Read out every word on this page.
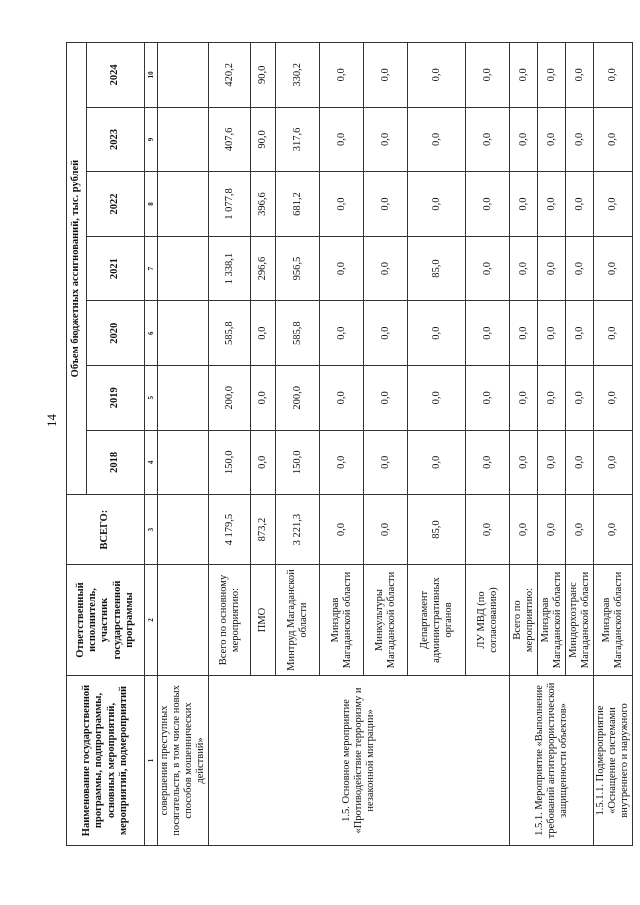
14
Наименование государственной программы, подпрограммы, основных мероприятий, мероприятий, подмероприятий	Ответственный исполнитель, участник государственной программы	ВСЕГО:	Объем бюджетных ассигнований, тыс. рублей						
			2018	2019	2020	2021	2022	2023	2024
1	2	3	4	5	6	7	8	9	10
совершения преступных посягательств, в том числе новых способов мошеннических действий»									
1.5. Основное мероприятие «Противодействие терроризму и незаконной миграции»	Всего по основному мероприятию:	4 179,5	150,0	200,0	585,8	1 338,1	1 077,8	407,6	420,2
	ПМО	873,2	0,0	0,0	0,0	296,6	396,6	90,0	90,0
	Минтруд Магаданской области	3 221,3	150,0	200,0	585,8	956,5	681,2	317,6	330,2
	Минздрав Магаданской области	0,0	0,0	0,0	0,0	0,0	0,0	0,0	0,0
	Минкультуры Магаданской области	0,0	0,0	0,0	0,0	0,0	0,0	0,0	0,0
	Департамент административных органов	85,0	0,0	0,0	0,0	85,0	0,0	0,0	0,0
	ЛУ МВД (по согласованию)	0,0	0,0	0,0	0,0	0,0	0,0	0,0	0,0
1.5.1. Мероприятие «Выполнение требований антитеррористической защищенности объектов»	Всего по мероприятию:	0,0	0,0	0,0	0,0	0,0	0,0	0,0	0,0
	Минздрав Магаданской области	0,0	0,0	0,0	0,0	0,0	0,0	0,0	0,0
	Миндорхозтранс Магаданской области	0,0	0,0	0,0	0,0	0,0	0,0	0,0	0,0
1.5.1.1. Подмероприятие «Оснащение системами внутреннего и наружного	Минздрав Магаданской области	0,0	0,0	0,0	0,0	0,0	0,0	0,0	0,0
